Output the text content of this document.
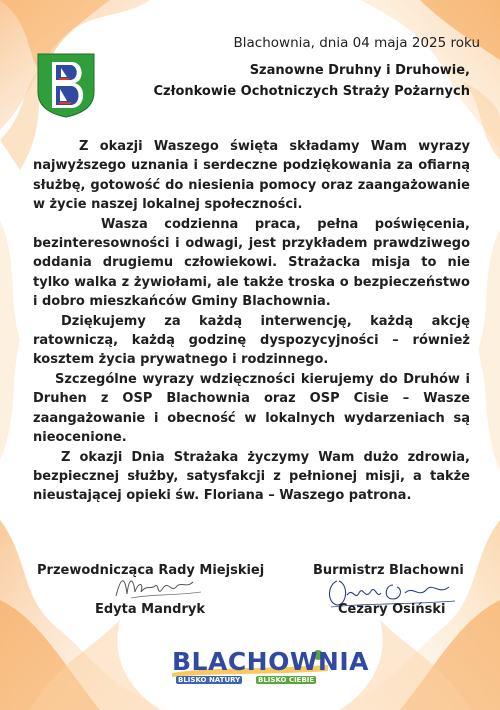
Blachownia, dnia 04 maja 2025 roku
Szanowne Druhny i Druhowie,
Członkowie Ochotniczych Straży Pożarnych

Z okazji Waszego święta składamy Wam wyrazy najwyższego uznania i serdeczne podziękowania za ofiarną służbę, gotowość do niesienia pomocy oraz zaangażowanie w życie naszej lokalnej społeczności.

Wasza codzienna praca, pełna poświęcenia, bezinteresowności i odwagi, jest przykładem prawdziwego oddania drugiemu człowiekowi. Strażacka misja to nie tylko walka z żywiołami, ale także troska o bezpieczeństwo i dobro mieszkańców Gminy Blachownia.

Dziękujemy za każdą interwencję, każdą akcję ratowniczą, każdą godzinę dyspozycyjności – również kosztem życia prywatnego i rodzinnego.

Szczególne wyrazy wdzięczności kierujemy do Druhów i Druhen z OSP Blachownia oraz OSP Cisie – Wasze zaangażowanie i obecność w lokalnych wydarzeniach są nieocenione.

Z okazji Dnia Strażaka życzymy Wam dużo zdrowia, bezpiecznej służby, satysfakcji z pełnionej misji, a także nieustającej opieki św. Floriana – Waszego patrona.

Przewodnicząca Rady Miejskiej
Edyta Mandryk
Burmistrz Blachowni
Cezary Osiński
BLACHOWNIA
BLISKO NATURY	BLISKO CIEBIE
